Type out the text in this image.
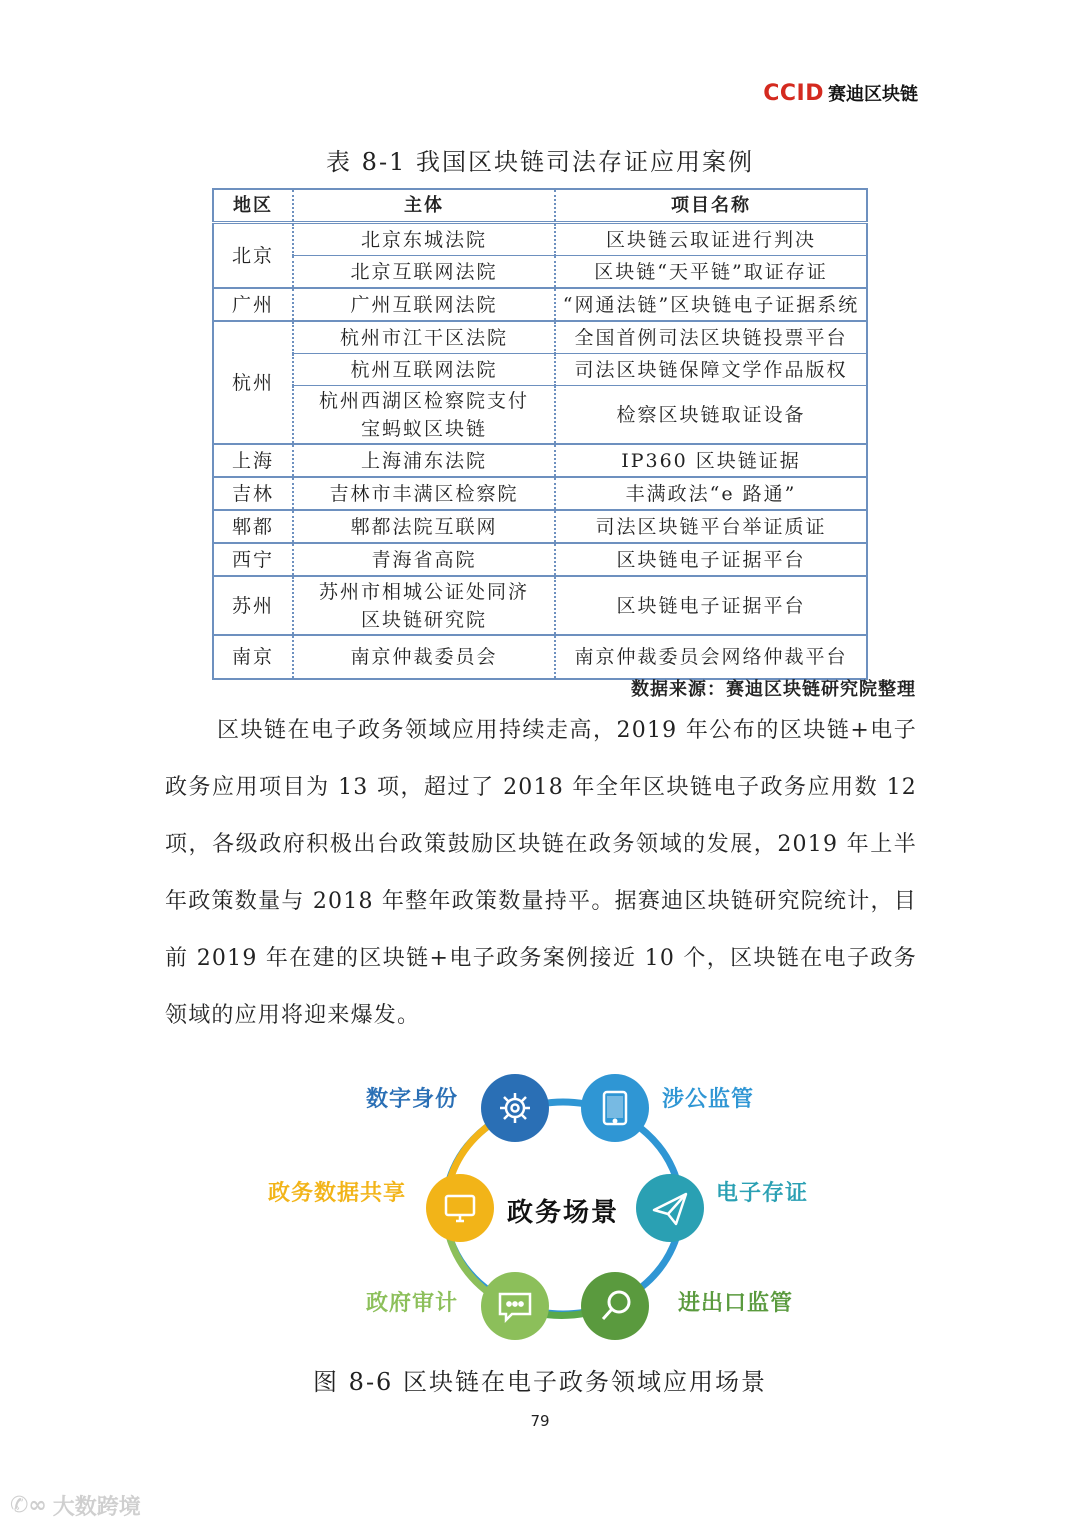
CCID 赛迪区块链
表 8-1 我国区块链司法存证应用案例
地区	主体	项目名称
北京	北京东城法院	区块链云取证进行判决
	北京互联网法院	区块链“天平链”取证存证
广州	广州互联网法院	“网通法链”区块链电子证据系统
杭州	杭州市江干区法院	全国首例司法区块链投票平台
	杭州互联网法院	司法区块链保障文学作品版权
	杭州西湖区检察院支付宝蚂蚁区块链	检察区块链取证设备
上海	上海浦东法院	IP360 区块链证据
吉林	吉林市丰满区检察院	丰满政法“e 路通”
郫都	郫都法院互联网	司法区块链平台举证质证
西宁	青海省高院	区块链电子证据平台
苏州	苏州市相城公证处同济区块链研究院	区块链电子证据平台
南京	南京仲裁委员会	南京仲裁委员会网络仲裁平台
数据来源：赛迪区块链研究院整理

区块链在电子政务领域应用持续走高，2019 年公布的区块链+电子政务应用项目为 13 项，超过了 2018 年全年区块链电子政务应用数 12 项，各级政府积极出台政策鼓励区块链在政务领域的发展，2019 年上半年政策数量与 2018 年整年政策数量持平。据赛迪区块链研究院统计，目前 2019 年在建的区块链+电子政务案例接近 10 个，区块链在电子政务领域的应用将迎来爆发。

政务场景
数字身份	涉公监管
电子存证
进出口监管
政府审计
政务数据共享
图 8-6 区块链在电子政务领域应用场景
79
✆∞ 大数跨境
